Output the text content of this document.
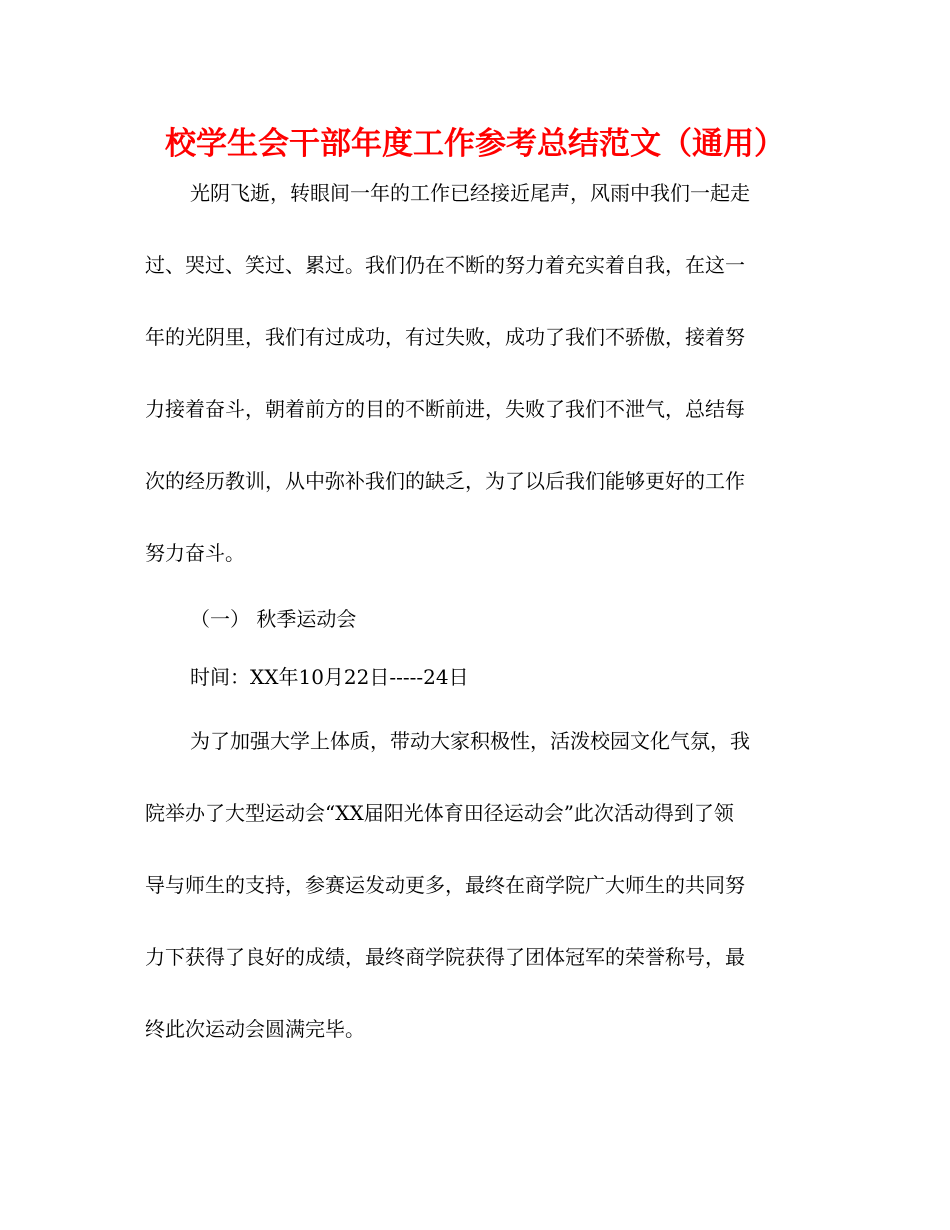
校学生会干部年度工作参考总结范文（通用）
光阴飞逝，转眼间一年的工作已经接近尾声，风雨中我们一起走
过、哭过、笑过、累过。我们仍在不断的努力着充实着自我，在这一
年的光阴里，我们有过成功，有过失败，成功了我们不骄傲，接着努
力接着奋斗，朝着前方的目的不断前进，失败了我们不泄气，总结每
次的经历教训，从中弥补我们的缺乏，为了以后我们能够更好的工作
努力奋斗。
（一） 秋季运动会
时间：XX年10月22日-----24日
为了加强大学上体质，带动大家积极性，活泼校园文化气氛，我
院举办了大型运动会“XX届阳光体育田径运动会”此次活动得到了领
导与师生的支持，参赛运发动更多，最终在商学院广大师生的共同努
力下获得了良好的成绩，最终商学院获得了团体冠军的荣誉称号，最
终此次运动会圆满完毕。
